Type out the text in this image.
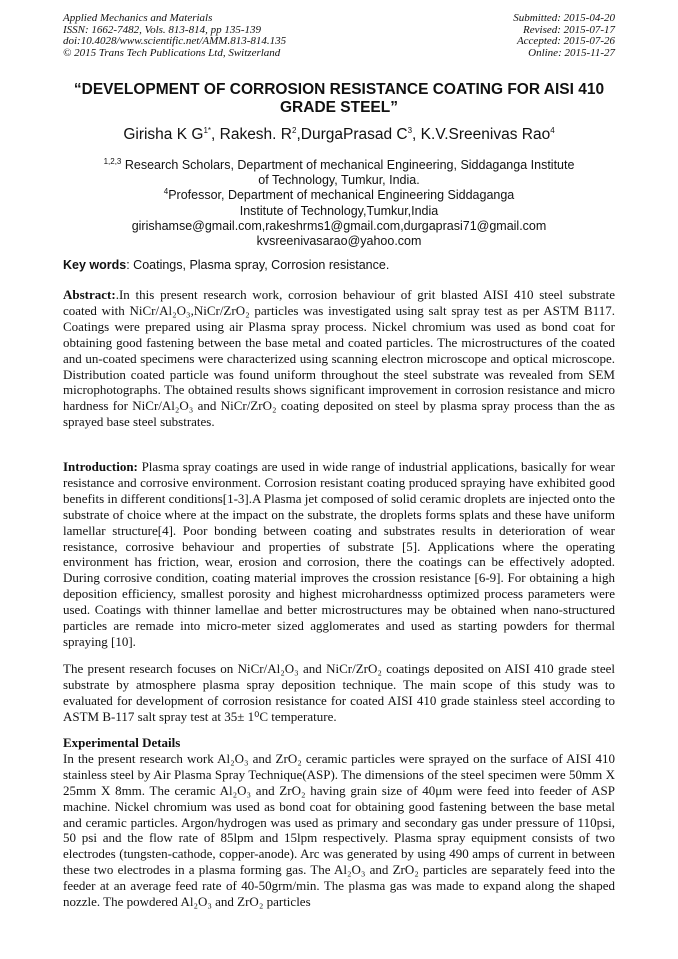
Applied Mechanics and Materials
ISSN: 1662-7482, Vols. 813-814, pp 135-139
doi:10.4028/www.scientific.net/AMM.813-814.135
© 2015 Trans Tech Publications Ltd, Switzerland
Submitted: 2015-04-20
Revised: 2015-07-17
Accepted: 2015-07-26
Online: 2015-11-27
“DEVELOPMENT OF CORROSION RESISTANCE COATING FOR AISI 410 GRADE STEEL”
Girisha K $G^{1*}$, Rakesh. $R^2,DurgaPrasad$ $C^3$, K.V.Sreenivas Rao$^4$
$^{1,2,3}$ Research Scholars, Department of mechanical Engineering, Siddaganga Institute of Technology, Tumkur, India.
$^4$Professor, Department of mechanical Engineering Siddaganga Institute of Technology,Tumkur,India
girishamse@gmail.com,rakeshrms1@gmail.com,durgaprasi71@gmail.com
kvsreenivasarao@yahoo.com
Key words: Coatings, Plasma spray, Corrosion resistance.
Abstract:.In this present research work, corrosion behaviour of grit blasted AISI 410 steel substrate coated with NiCr/Al₂O₃,NiCr/ZrO₂ particles was investigated using salt spray test as per ASTM B117. Coatings were prepared using air Plasma spray process. Nickel chromium was used as bond coat for obtaining good fastening between the base metal and coated particles. The microstructures of the coated and un-coated specimens were characterized using scanning electron microscope and optical microscope. Distribution coated particle was found uniform throughout the steel substrate was revealed from SEM microphotographs. The obtained results shows significant improvement in corrosion resistance and micro hardness for NiCr/Al₂O₃ and NiCr/ZrO₂ coating deposited on steel by plasma spray process than the as sprayed base steel substrates.
Introduction: Plasma spray coatings are used in wide range of industrial applications, basically for wear resistance and corrosive environment. Corrosion resistant coating produced spraying have exhibited good benefits in different conditions[1-3].A Plasma jet composed of solid ceramic droplets are injected onto the substrate of choice where at the impact on the substrate, the droplets forms splats and these have uniform lamellar structure[4]. Poor bonding between coating and substrates results in deterioration of wear resistance, corrosive behaviour and properties of substrate [5]. Applications where the operating environment has friction, wear, erosion and corrosion, there the coatings can be effectively adopted. During corrosive condition, coating material improves the crossion resistance [6-9]. For obtaining a high deposition efficiency, smallest porosity and highest microhardnesss optimized process parameters were used. Coatings with thinner lamellae and better microstructures may be obtained when nano-structured particles are remade into micro-meter sized agglomerates and used as starting powders for thermal spraying [10].
The present research focuses on NiCr/Al₂O₃ and NiCr/ZrO₂ coatings deposited on AISI 410 grade steel substrate by atmosphere plasma spray deposition technique. The main scope of this study was to evaluated for development of corrosion resistance for coated AISI 410 grade stainless steel according to ASTM B-117 salt spray test at 35± 1⁰C temperature.
Experimental Details
In the present research work Al₂O₃ and ZrO₂ ceramic particles were sprayed on the surface of AISI 410 stainless steel by Air Plasma Spray Technique(ASP). The dimensions of the steel specimen were 50mm X 25mm X 8mm. The ceramic Al₂O₃ and ZrO₂ having grain size of 40μm were feed into feeder of ASP machine. Nickel chromium was used as bond coat for obtaining good fastening between the base metal and ceramic particles. Argon/hydrogen was used as primary and secondary gas under pressure of 110psi, 50 psi and the flow rate of 85lpm and 15lpm respectively. Plasma spray equipment consists of two electrodes (tungsten-cathode, copper-anode). Arc was generated by using 490 amps of current in between these two electrodes in a plasma forming gas. The Al₂O₃ and ZrO₂ particles are separately feed into the feeder at an average feed rate of 40-50grm/min. The plasma gas was made to expand along the shaped nozzle. The powdered Al₂O₃ and ZrO₂ particles
